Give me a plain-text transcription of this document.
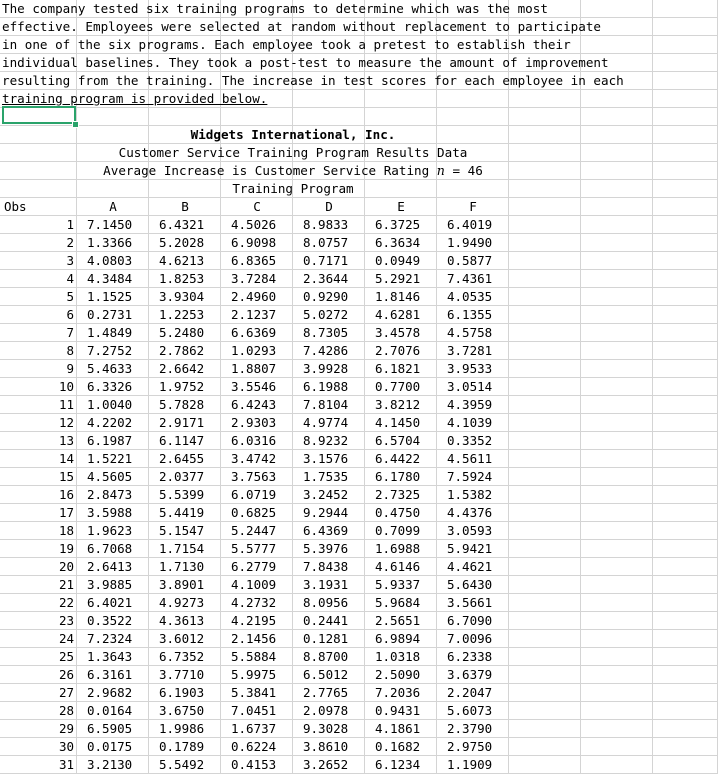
The company tested six training programs to determine which was the most
effective. Employees were selected at random without replacement to participate
in one of the six programs. Each employee took a pretest to establish their
individual baselines. They took a post-test to measure the amount of improvement
resulting from the training. The increase in test scores for each employee in each
training program is provided below.
Widgets International, Inc.
Customer Service Training Program Results Data
Average Increase is Customer Service Rating n = 46
Training Program
Obs	A	B	C	D	E	F
1 7.1450 6.4321 4.5026 8.9833 6.3725 6.4019
2 1.3366 5.2028 6.9098 8.0757 6.3634 1.9490
3 4.0803 4.6213 6.8365 0.7171 0.0949 0.5877
4 4.3484 1.8253 3.7284 2.3644 5.2921 7.4361
5 1.1525 3.9304 2.4960 0.9290 1.8146 4.0535
6 0.2731 1.2253 2.1237 5.0272 4.6281 6.1355
7 1.4849 5.2480 6.6369 8.7305 3.4578 4.5758
8 7.2752 2.7862 1.0293 7.4286 2.7076 3.7281
9 5.4633 2.6642 1.8807 3.9928 6.1821 3.9533
10 6.3326 1.9752 3.5546 6.1988 0.7700 3.0514
11 1.0040 5.7828 6.4243 7.8104 3.8212 4.3959
12 4.2202 2.9171 2.9303 4.9774 4.1450 4.1039
13 6.1987 6.1147 6.0316 8.9232 6.5704 0.3352
14 1.5221 2.6455 3.4742 3.1576 6.4422 4.5611
15 4.5605 2.0377 3.7563 1.7535 6.1780 7.5924
16 2.8473 5.5399 6.0719 3.2452 2.7325 1.5382
17 3.5988 5.4419 0.6825 9.2944 0.4750 4.4376
18 1.9623 5.1547 5.2447 6.4369 0.7099 3.0593
19 6.7068 1.7154 5.5777 5.3976 1.6988 5.9421
20 2.6413 1.7130 6.2779 7.8438 4.6146 4.4621
21 3.9885 3.8901 4.1009 3.1931 5.9337 5.6430
22 6.4021 4.9273 4.2732 8.0956 5.9684 3.5661
23 0.3522 4.3613 4.2195 0.2441 2.5651 6.7090
24 7.2324 3.6012 2.1456 0.1281 6.9894 7.0096
25 1.3643 6.7352 5.5884 8.8700 1.0318 6.2338
26 6.3161 3.7710 5.9975 6.5012 2.5090 3.6379
27 2.9682 6.1903 5.3841 2.7765 7.2036 2.2047
28 0.0164 3.6750 7.0451 2.0978 0.9431 5.6073
29 6.5905 1.9986 1.6737 9.3028 4.1861 2.3790
30 0.0175 0.1789 0.6224 3.8610 0.1682 2.9750
31 3.2130 5.5492 0.4153 3.2652 6.1234 1.1909
